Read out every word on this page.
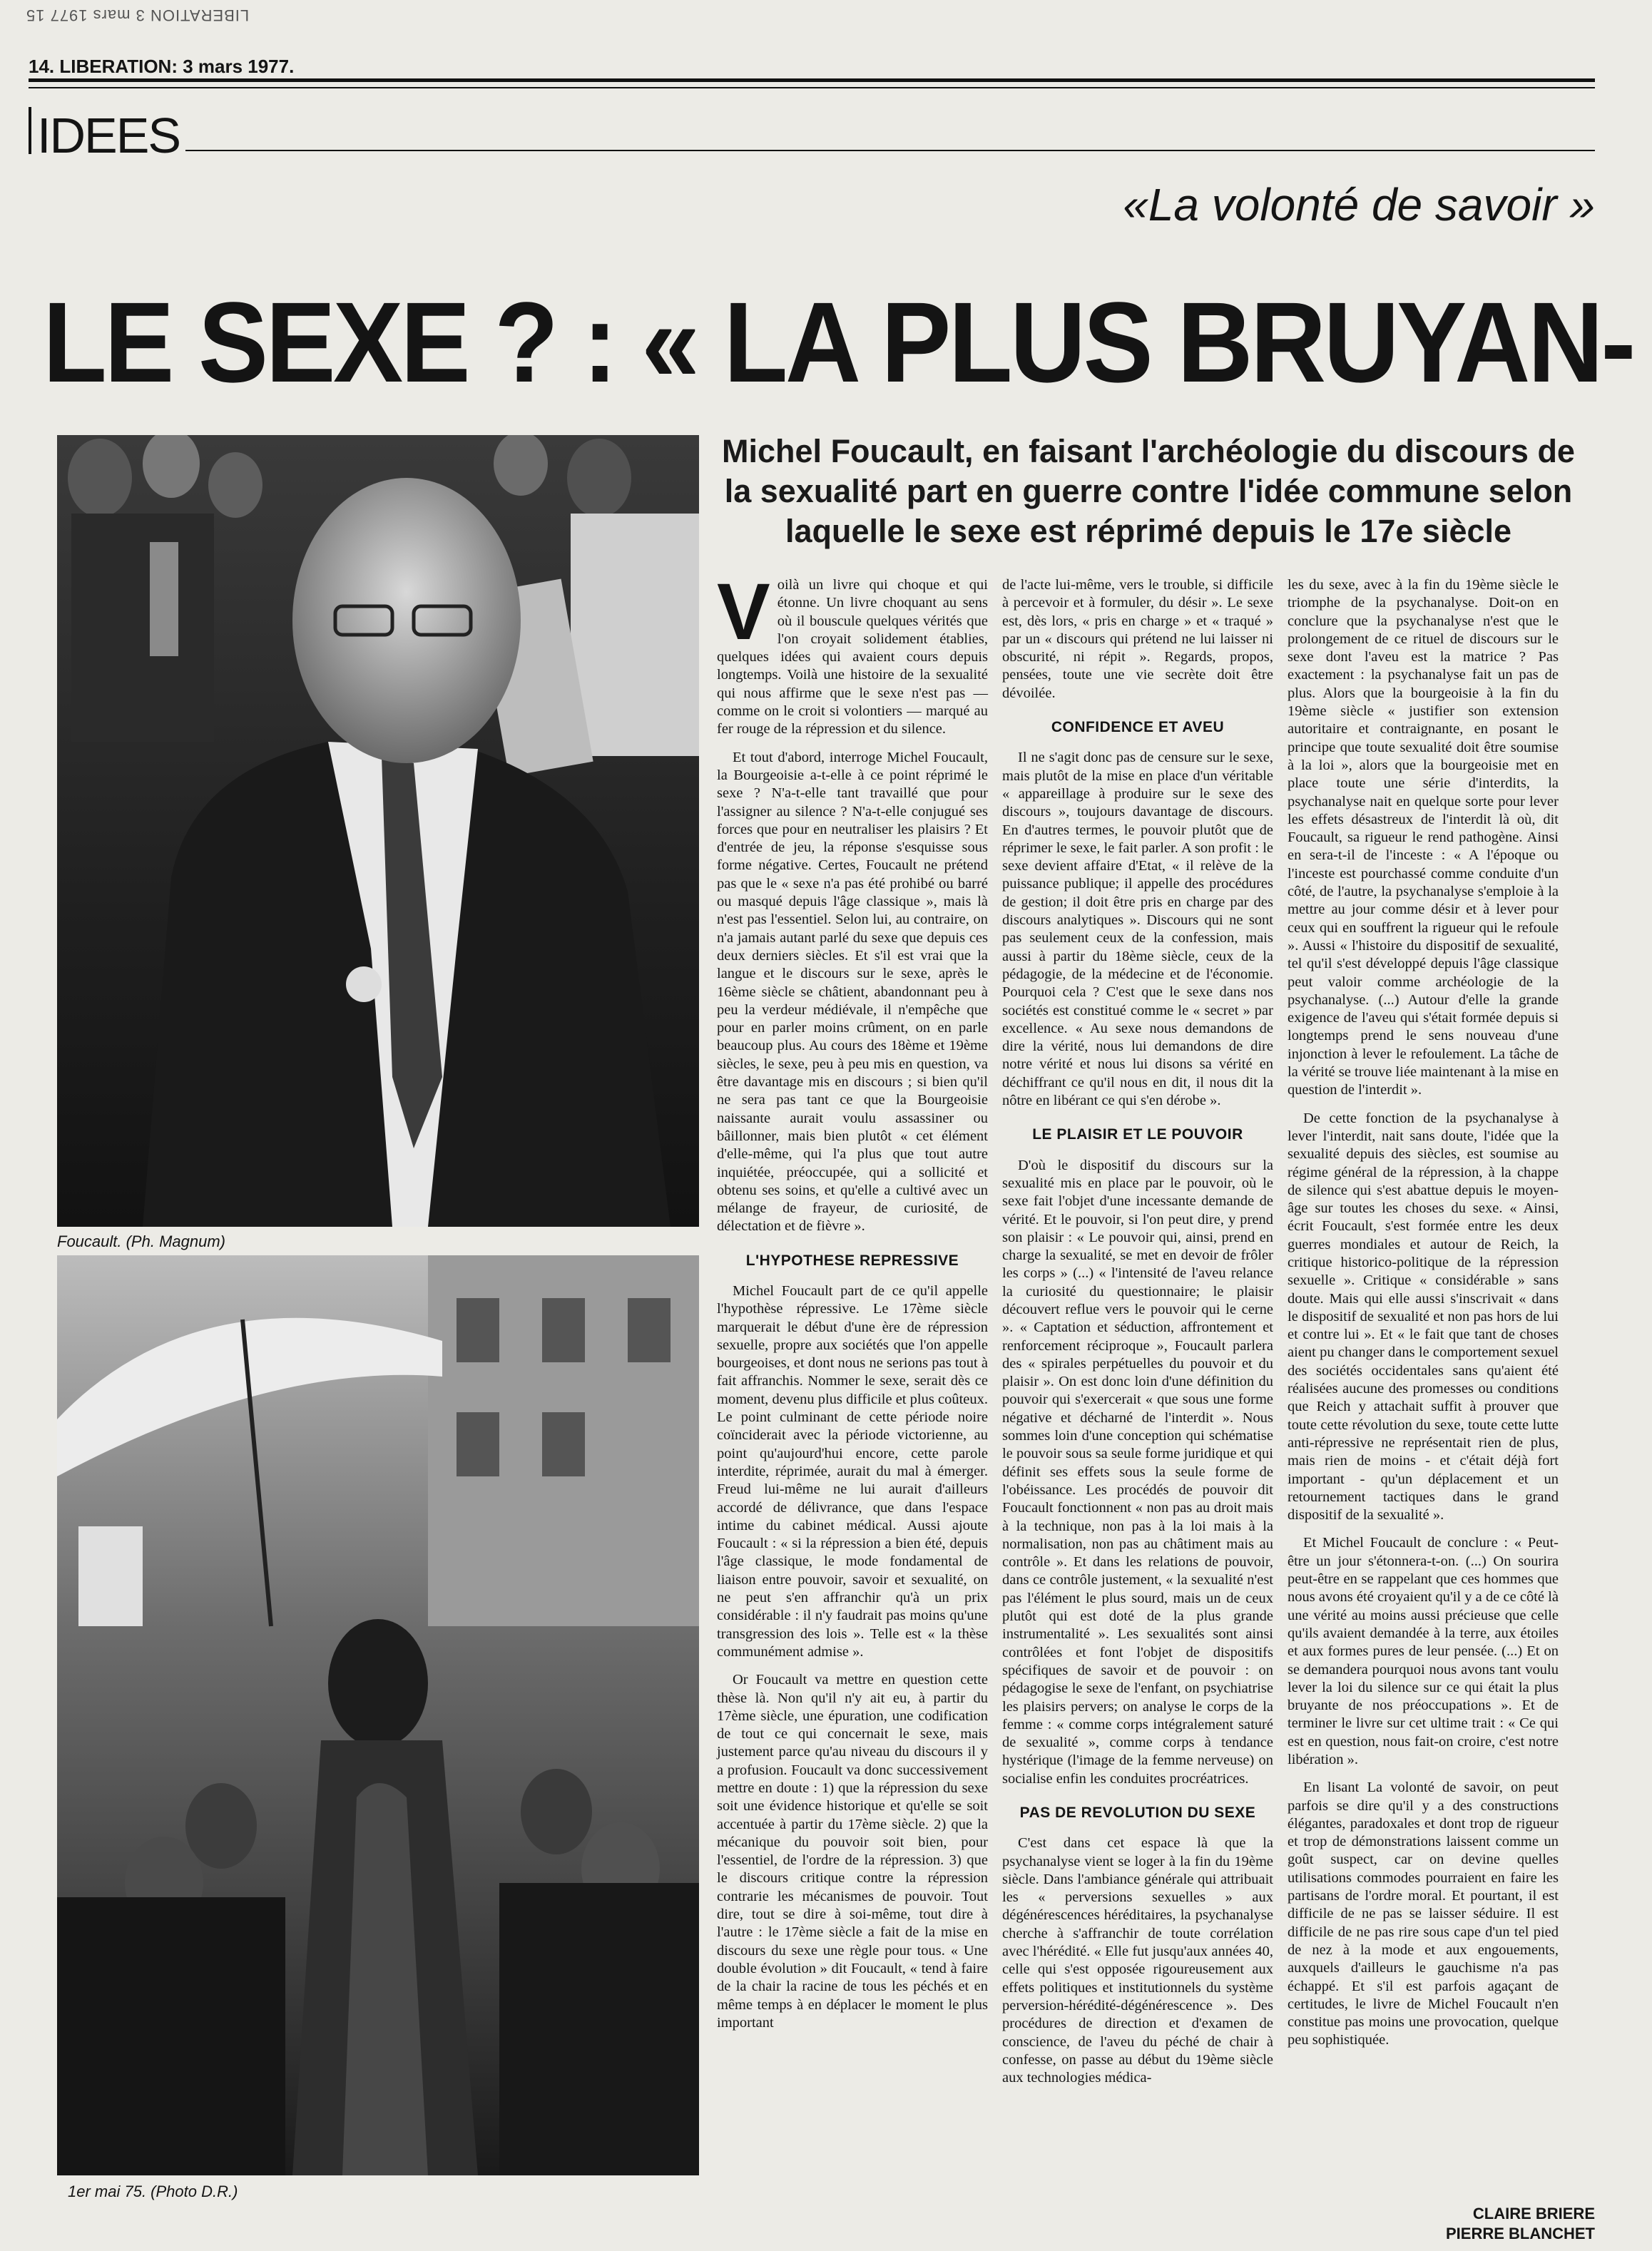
LIBERATION 3 mars 1977 15
14. LIBERATION: 3 mars 1977.
IDEES
«La volonté de savoir »
LE SEXE ? : « LA PLUS BRUYAN-
Foucault. (Ph. Magnum)
1er mai 75. (Photo D.R.)
Michel Foucault, en faisant l'archéologie du discours de la sexualité part en guerre contre l'idée commune selon laquelle le sexe est réprimé depuis le 17e siècle
V oilà un livre qui choque et qui étonne. Un livre choquant au sens où il bouscule quelques vérités que l'on croyait solidement établies, quelques idées qui avaient cours depuis longtemps. Voilà une histoire de la sexualité qui nous affirme que le sexe n'est pas — comme on le croit si volontiers — marqué au fer rouge de la répression et du silence.

Et tout d'abord, interroge Michel Foucault, la Bourgeoisie a-t-elle à ce point réprimé le sexe ? N'a-t-elle tant travaillé que pour l'assigner au silence ? N'a-t-elle conjugué ses forces que pour en neutraliser les plaisirs ? Et d'entrée de jeu, la réponse s'esquisse sous forme négative. Certes, Foucault ne prétend pas que le « sexe n'a pas été prohibé ou barré ou masqué depuis l'âge classique », mais là n'est pas l'essentiel. Selon lui, au contraire, on n'a jamais autant parlé du sexe que depuis ces deux derniers siècles. Et s'il est vrai que la langue et le discours sur le sexe, après le 16ème siècle se châtient, abandonnant peu à peu la verdeur médiévale, il n'empêche que pour en parler moins crûment, on en parle beaucoup plus. Au cours des 18ème et 19ème siècles, le sexe, peu à peu mis en question, va être davantage mis en discours ; si bien qu'il ne sera pas tant ce que la Bourgeoisie naissante aurait voulu assassiner ou bâillonner, mais bien plutôt « cet élément d'elle-même, qui l'a plus que tout autre inquiétée, préoccupée, qui a sollicité et obtenu ses soins, et qu'elle a cultivé avec un mélange de frayeur, de curiosité, de délectation et de fièvre ».

L'HYPOTHESE REPRESSIVE

Michel Foucault part de ce qu'il appelle l'hypothèse répressive. Le 17ème siècle marquerait le début d'une ère de répression sexuelle, propre aux sociétés que l'on appelle bourgeoises, et dont nous ne serions pas tout à fait affranchis. Nommer le sexe, serait dès ce moment, devenu plus difficile et plus coûteux. Le point culminant de cette période noire coïnciderait avec la période victorienne, au point qu'aujourd'hui encore, cette parole interdite, réprimée, aurait du mal à émerger. Freud lui-même ne lui aurait d'ailleurs accordé de délivrance, que dans l'espace intime du cabinet médical. Aussi ajoute Foucault : « si la répression a bien été, depuis l'âge classique, le mode fondamental de liaison entre pouvoir, savoir et sexualité, on ne peut s'en affranchir qu'à un prix considérable : il n'y faudrait pas moins qu'une transgression des lois ». Telle est « la thèse communément admise ».

Or Foucault va mettre en question cette thèse là. Non qu'il n'y ait eu, à partir du 17ème siècle, une épuration, une codification de tout ce qui concernait le sexe, mais justement parce qu'au niveau du discours il y a profusion. Foucault va donc successivement mettre en doute : 1) que la répression du sexe soit une évidence historique et qu'elle se soit accentuée à partir du 17ème siècle. 2) que la mécanique du pouvoir soit bien, pour l'essentiel, de l'ordre de la répression. 3) que le discours critique contre la répression contrarie les mécanismes de pouvoir. Tout dire, tout se dire à soi-même, tout dire à l'autre : le 17ème siècle a fait de la mise en discours du sexe une règle pour tous. « Une double évolution » dit Foucault, « tend à faire de la chair la racine de tous les péchés et en même temps à en déplacer le moment le plus important

de l'acte lui-même, vers le trouble, si difficile à percevoir et à formuler, du désir ». Le sexe est, dès lors, « pris en charge » et « traqué » par un « discours qui prétend ne lui laisser ni obscurité, ni répit ». Regards, propos, pensées, toute une vie secrète doit être dévoilée.

CONFIDENCE ET AVEU

Il ne s'agit donc pas de censure sur le sexe, mais plutôt de la mise en place d'un véritable « appareillage à produire sur le sexe des discours », toujours davantage de discours. En d'autres termes, le pouvoir plutôt que de réprimer le sexe, le fait parler. A son profit : le sexe devient affaire d'Etat, « il relève de la puissance publique; il appelle des procédures de gestion; il doit être pris en charge par des discours analytiques ». Discours qui ne sont pas seulement ceux de la confession, mais aussi à partir du 18ème siècle, ceux de la pédagogie, de la médecine et de l'économie. Pourquoi cela ? C'est que le sexe dans nos sociétés est constitué comme le « secret » par excellence. « Au sexe nous demandons de dire la vérité, nous lui demandons de dire notre vérité et nous lui disons sa vérité en déchiffrant ce qu'il nous en dit, il nous dit la nôtre en libérant ce qui s'en dérobe ».

LE PLAISIR ET LE POUVOIR

D'où le dispositif du discours sur la sexualité mis en place par le pouvoir, où le sexe fait l'objet d'une incessante demande de vérité. Et le pouvoir, si l'on peut dire, y prend son plaisir : « Le pouvoir qui, ainsi, prend en charge la sexualité, se met en devoir de frôler les corps » (...) « l'intensité de l'aveu relance la curiosité du questionnaire; le plaisir découvert reflue vers le pouvoir qui le cerne ». « Captation et séduction, affrontement et renforcement réciproque », Foucault parlera des « spirales perpétuelles du pouvoir et du plaisir ». On est donc loin d'une définition du pouvoir qui s'exercerait « que sous une forme négative et décharné de l'interdit ». Nous sommes loin d'une conception qui schématise le pouvoir sous sa seule forme juridique et qui définit ses effets sous la seule forme de l'obéissance. Les procédés de pouvoir dit Foucault fonctionnent « non pas au droit mais à la technique, non pas à la loi mais à la normalisation, non pas au châtiment mais au contrôle ». Et dans les relations de pouvoir, dans ce contrôle justement, « la sexualité n'est pas l'élément le plus sourd, mais un de ceux plutôt qui est doté de la plus grande instrumentalité ». Les sexualités sont ainsi contrôlées et font l'objet de dispositifs spécifiques de savoir et de pouvoir : on pédagogise le sexe de l'enfant, on psychiatrise les plaisirs pervers; on analyse le corps de la femme : « comme corps intégralement saturé de sexualité », comme corps à tendance hystérique (l'image de la femme nerveuse) on socialise enfin les conduites procréatrices.

PAS DE REVOLUTION DU SEXE

C'est dans cet espace là que la psychanalyse vient se loger à la fin du 19ème siècle. Dans l'ambiance générale qui attribuait les « perversions sexuelles » aux dégénérescences héréditaires, la psychanalyse cherche à s'affranchir de toute corrélation avec l'hérédité. « Elle fut jusqu'aux années 40, celle qui s'est opposée rigoureusement aux effets politiques et institutionnels du système perversion-hérédité-dégénérescence ». Des procédures de direction et d'examen de conscience, de l'aveu du péché de chair à confesse, on passe au début du 19ème siècle aux technologies médica-

les du sexe, avec à la fin du 19ème siècle le triomphe de la psychanalyse. Doit-on en conclure que la psychanalyse n'est que le prolongement de ce rituel de discours sur le sexe dont l'aveu est la matrice ? Pas exactement : la psychanalyse fait un pas de plus. Alors que la bourgeoisie à la fin du 19ème siècle « justifier son extension autoritaire et contraignante, en posant le principe que toute sexualité doit être soumise à la loi », alors que la bourgeoisie met en place toute une série d'interdits, la psychanalyse nait en quelque sorte pour lever les effets désastreux de l'interdit là où, dit Foucault, sa rigueur le rend pathogène. Ainsi en sera-t-il de l'inceste : « A l'époque ou l'inceste est pourchassé comme conduite d'un côté, de l'autre, la psychanalyse s'emploie à la mettre au jour comme désir et à lever pour ceux qui en souffrent la rigueur qui le refoule ». Aussi « l'histoire du dispositif de sexualité, tel qu'il s'est développé depuis l'âge classique peut valoir comme archéologie de la psychanalyse. (...) Autour d'elle la grande exigence de l'aveu qui s'était formée depuis si longtemps prend le sens nouveau d'une injonction à lever le refoulement. La tâche de la vérité se trouve liée maintenant à la mise en question de l'interdit ».

De cette fonction de la psychanalyse à lever l'interdit, nait sans doute, l'idée que la sexualité depuis des siècles, est soumise au régime général de la répression, à la chappe de silence qui s'est abattue depuis le moyen-âge sur toutes les choses du sexe. « Ainsi, écrit Foucault, s'est formée entre les deux guerres mondiales et autour de Reich, la critique historico-politique de la répression sexuelle ». Critique « considérable » sans doute. Mais qui elle aussi s'inscrivait « dans le dispositif de sexualité et non pas hors de lui et contre lui ». Et « le fait que tant de choses aient pu changer dans le comportement sexuel des sociétés occidentales sans qu'aient été réalisées aucune des promesses ou conditions que Reich y attachait suffit à prouver que toute cette révolution du sexe, toute cette lutte anti-répressive ne représentait rien de plus, mais rien de moins - et c'était déjà fort important - qu'un déplacement et un retournement tactiques dans le grand dispositif de la sexualité ».

Et Michel Foucault de conclure : « Peut-être un jour s'étonnera-t-on. (...) On sourira peut-être en se rappelant que ces hommes que nous avons été croyaient qu'il y a de ce côté là une vérité au moins aussi précieuse que celle qu'ils avaient demandée à la terre, aux étoiles et aux formes pures de leur pensée. (...) Et on se demandera pourquoi nous avons tant voulu lever la loi du silence sur ce qui était la plus bruyante de nos préoccupations ». Et de terminer le livre sur cet ultime trait : « Ce qui est en question, nous fait-on croire, c'est notre libération ».

En lisant La volonté de savoir, on peut parfois se dire qu'il y a des constructions élégantes, paradoxales et dont trop de rigueur et trop de démonstrations laissent comme un goût suspect, car on devine quelles utilisations commodes pourraient en faire les partisans de l'ordre moral. Et pourtant, il est difficile de ne pas se laisser séduire. Il est difficile de ne pas rire sous cape d'un tel pied de nez à la mode et aux engouements, auxquels d'ailleurs le gauchisme n'a pas échappé. Et s'il est parfois agaçant de certitudes, le livre de Michel Foucault n'en constitue pas moins une provocation, quelque peu sophistiquée.

CLAIRE BRIERE
PIERRE BLANCHET
